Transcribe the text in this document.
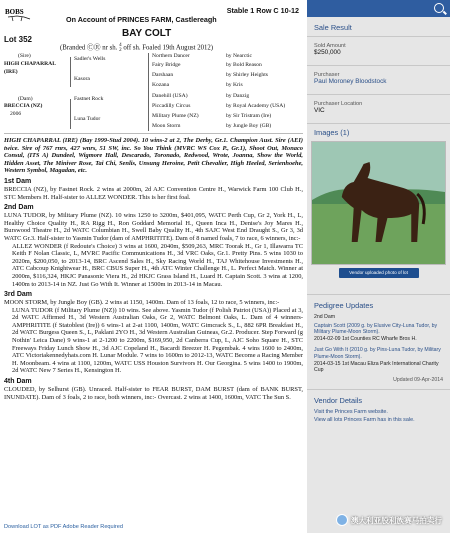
BOBS	Stable 1 Row C 10-12
On Account of PRINCES FARM, Castlereagh
Lot 352
BAY COLT
(Branded ⒸⓇ nr sh. 4
2 off sh. Foaled 19th August 2012)
(Sire)
HIGH CHAPARRAL
(IRE)
(Dam)
BRECCIA (NZ)
2006
Sadler's Wells
Kasora
Fastnet Rock
Luna Tudor
Northern Dancer
Fairy Bridge
Darshaan
Kozana
Danehill (USA)
Piccadilly Circus
Military Plume (NZ)
Moon Storm
by Nearctic
by Bold Reason
by Shirley Heights
by Kris
by Danzig
by Royal Academy (USA)
by Sir Tristram (Ire)
by Jungle Boy (GB)

HIGH CHAPARRAL (IRE) (Bay 1999-Stud 2004). 10 wins-2 at 2, The Derby, Gr.1. Champion Aust. Sire (AEI) twice. Sire of 767 rnrs, 427 wnrs, 51 SW, inc. So You Think (MVRC WS Cox P., Gr.1), Shoot Out, Monaco Consul, (ITS A) Dundeel, Wigmore Hall, Descarado, Toronado, Redwood, Wrote, Joanna, Show the World, Hidden Asset, The Miniver Rose, Tai Chi, Senlis, Unsung Heroine, Petit Chevalier, High Heeled, Serienhoehe, Western Symbol, Magadan, etc.

1st Dam

BRECCIA (NZ), by Fastnet Rock. 2 wins at 2000m, 2d AJC Convention Centre H., Warwick Farm 100 Club H., STC Members H. Half-sister to ALLEZ WONDER. This is her first foal.

2nd Dam

LUNA TUDOR, by Military Plume (NZ). 10 wins 1250 to 3200m, $401,095, WATC Perth Cup, Gr 2, York H., L, Healthy Choice Quality H., RA Rigg H., Ron Goddard Memorial H., Queen Inca H., Denise's Joy Mares H., Burswood Theatre H., 2d WATC Columbian H., Swell Baby Quality H., 4th SAJC West End Draught S., Gr 3, 3d WATC Gr.3. Half-sister to Yasmin Tudor (dam of AMPHRITITE). Dam of 8 named foals, 7 to race, 6 winners, inc:-

ALLEZ WONDER (f Redoute's Choice) 3 wins at 1600, 2040m, $509,263, MRC Toorak H., Gr 1, Illawarra TC Keith F Nolan Classic, L, MVRC Pacific Communications H., 3d VRC Oaks, Gr.1. Pretty Pins. 5 wins 1030 to 2020m, $200,050, to 2013-14, BRC Ascend Sales H., Sky Racing World H., TAJ Whitehouse Investments H., ATC Cabcoup Knightwear H., BRC CBUS Super H., 4th ATC Winter Challenge H., L. Perfect Match. Winner at 2000m, $116,324, HKJC Panasonic Viera H., 2d HKJC Grass Island H., Luard H. Captain Scott. 3 wins at 1200, 1400m to 2013-14 in NZ. Just Go With It. Winner at 1500m in 2013-14 in Macau.

3rd Dam

MOON STORM, by Jungle Boy (GB). 2 wins at 1150, 1400m. Dam of 13 foals, 12 to race, 5 winners, inc:-

LUNA TUDOR (f Military Plume (NZ)) 10 wins. See above. Yasmin Tudor (f Polish Patriot (USA)) Placed at 3, 2d WATC Affirmed H., 3d Western Australian Oaks, Gr 2, WATC Belmont Oaks, L. Dam of 4 winners- AMPHRITITE (f Statoblest (Ire)) 6 wins-1 at 2-at 1100, 1400m, WATC Gimcrack S., L, 882 6PR Breakfast H., 2d WATC Burgess Queen S., L, Paklani 2YO H., 3d Western Australian Guineas, Gr.2. Producer. Step Forward (g Nothin' Leica Dane) 9 wins-1 at 2-1200 to 2200m, $169,950, 2d Canberra Cup, L, AJC Soho Square H., STC Freeways Friday Lunch Show H., 3d AJC Copeland H., Bacardi Breezer H. Pegembak. 4 wins 1600 to 2400m, ATC Victoriakennedyhats.com H. Lunar Module. 7 wins to 1600m to 2012-13, WATC Become a Racing Member H. Moonbeam. 4 wins at 1100, 1200m, WATC USS Houston Survivors H. Our Georgina. 5 wins 1400 to 1900m, 2d WATC New 7 Series H., Kensington H.

4th Dam

CLOUDED, by Selhurst (GB). Unraced. Half-sister to FEAR BURST, DAM BURST (dam of BANK BURST, INUNDATE). Dam of 3 foals, 2 to race, both winners, inc:- Overcast. 2 wins at 1400, 1600m, VATC The Sun S.

Download LOT as PDF Adobe Reader Required
Sale Result
Sold Amount
$250,000
Purchaser
Paul Moroney Bloodstock
Purchaser Location
VIC
Images (1)
Vendor uploaded photo of lot
Pedigree Updates
2nd Dam
Captain Scott (2009 g. by Elusive City-Luna Tudor, by Military Plume-Moon Storm).
2014-02-09 1st Counties RC Wharfe Bros H.
Just Go With It (2010 g. by Pins-Luna Tudor, by Military Plume-Moon Storm).
2014-03-15 1st Macau Eliza Park International Charity Cup
Updated 09-Apr-2014
Vendor Details
Visit the Princes Farm website.
View all lots Princes Farm has in this sale.
澳大利亚股利族赛马拍卖行
